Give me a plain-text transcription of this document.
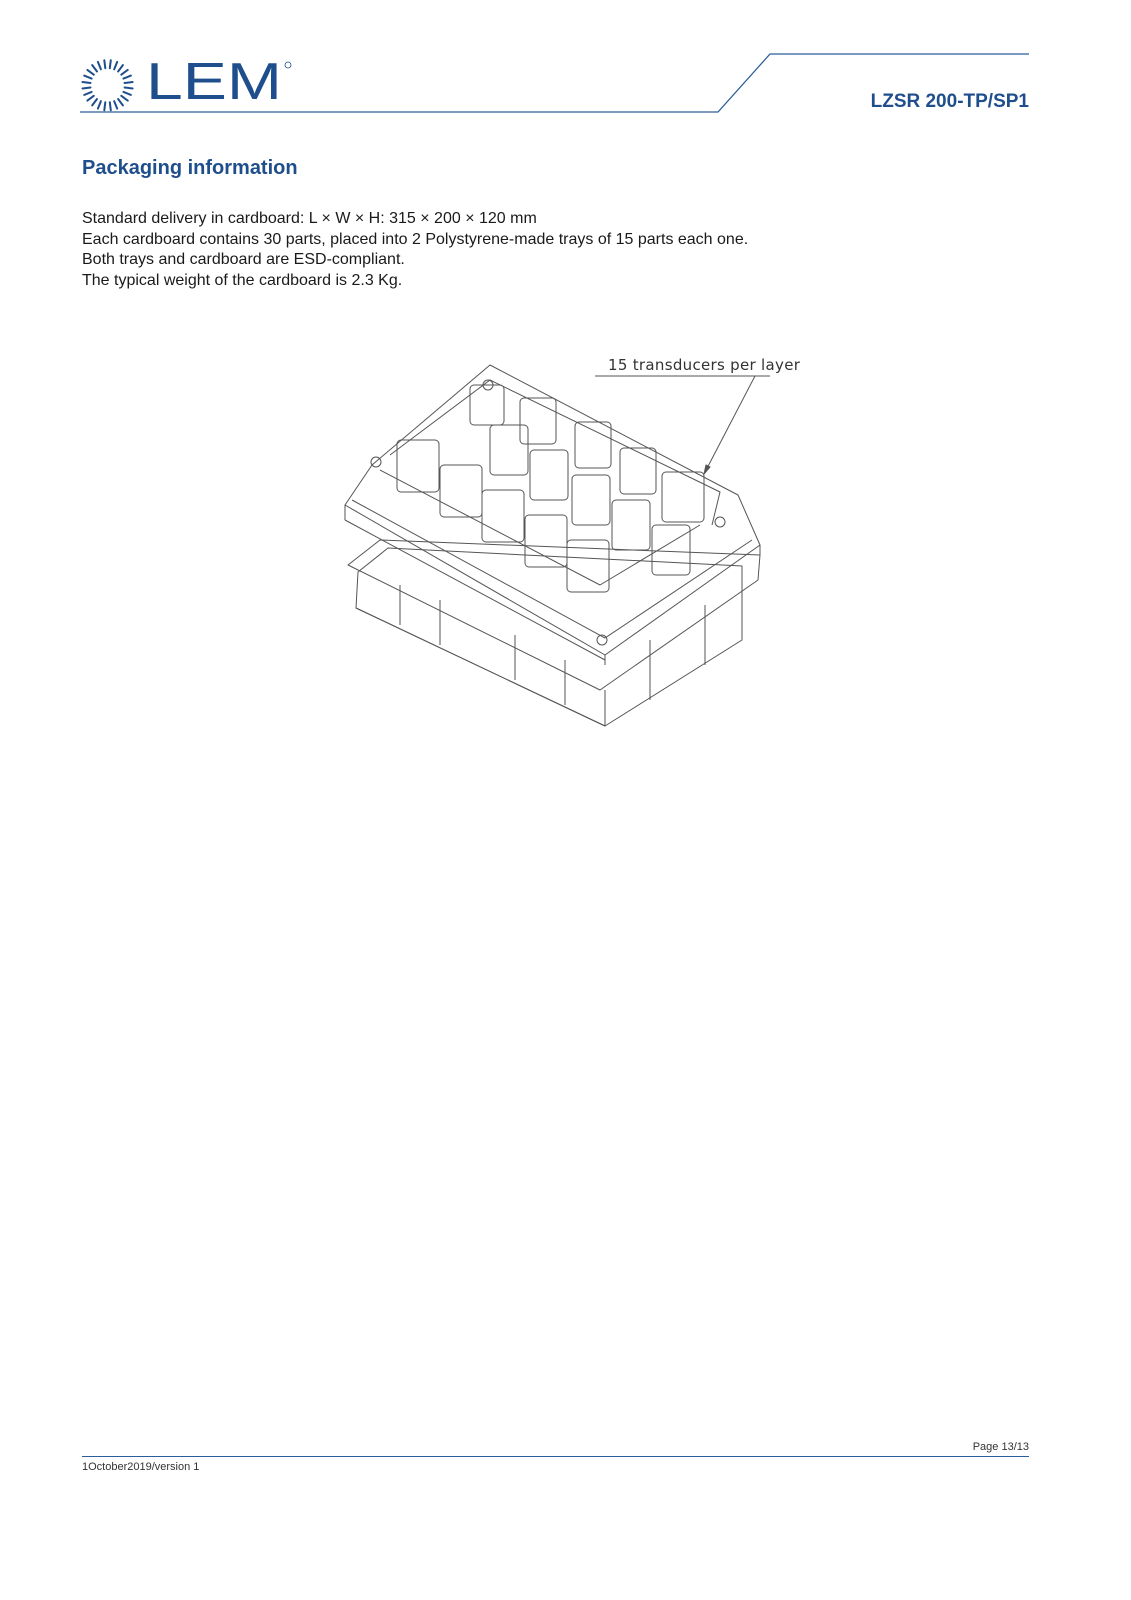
LEM	LZSR 200-TP/SP1
Packaging information
Standard delivery in cardboard: L × W × H: 315 × 200 × 120 mm
Each cardboard contains 30 parts, placed into 2 Polystyrene-made trays of 15 parts each one.
Both trays and cardboard are ESD-compliant.
The typical weight of the cardboard is 2.3 Kg.
15 transducers per layer
Page 13/13
1October2019/version 1
